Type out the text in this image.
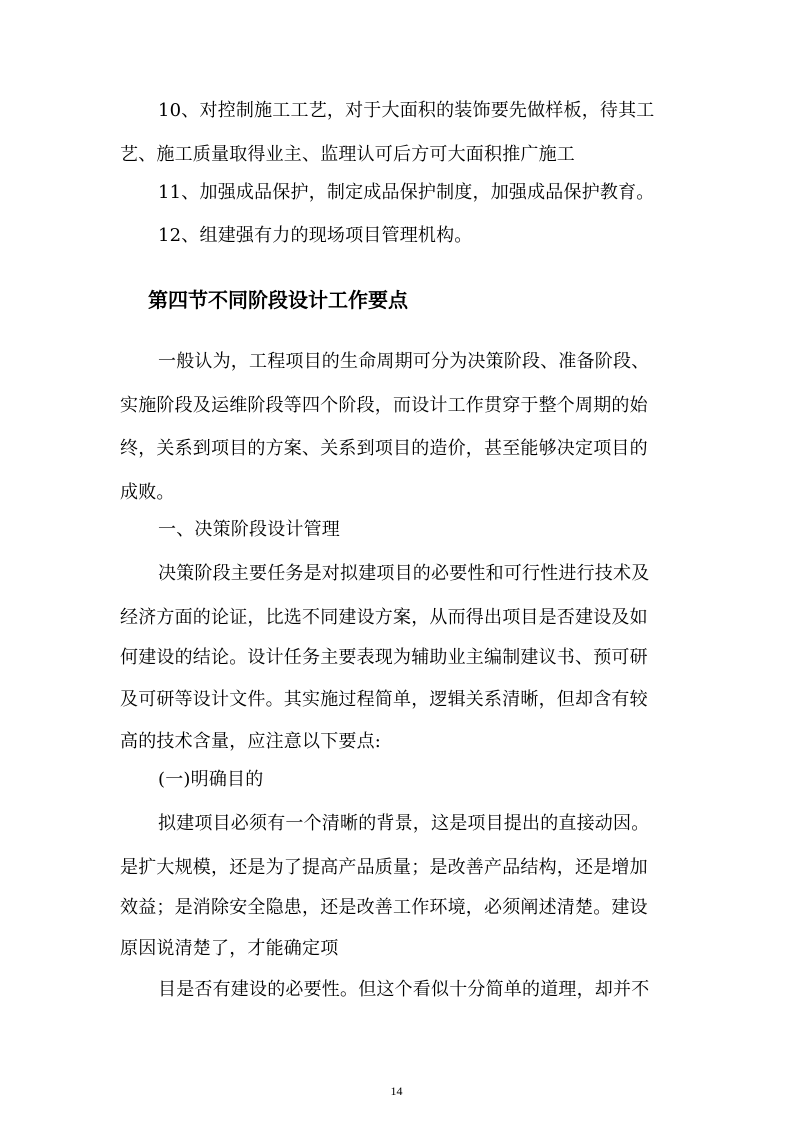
10、对控制施工工艺，对于大面积的装饰要先做样板，待其工
艺、施工质量取得业主、监理认可后方可大面积推广施工
11、加强成品保护，制定成品保护制度，加强成品保护教育。
12、组建强有力的现场项目管理机构。
第四节不同阶段设计工作要点
一般认为，工程项目的生命周期可分为决策阶段、准备阶段、
实施阶段及运维阶段等四个阶段，而设计工作贯穿于整个周期的始
终，关系到项目的方案、关系到项目的造价，甚至能够决定项目的
成败。
一、决策阶段设计管理
决策阶段主要任务是对拟建项目的必要性和可行性进行技术及
经济方面的论证，比选不同建设方案，从而得出项目是否建设及如
何建设的结论。设计任务主要表现为辅助业主编制建议书、预可研
及可研等设计文件。其实施过程简单，逻辑关系清晰，但却含有较
高的技术含量，应注意以下要点:
(一)明确目的
拟建项目必须有一个清晰的背景，这是项目提出的直接动因。
是扩大规模，还是为了提高产品质量；是改善产品结构，还是增加
效益；是消除安全隐患，还是改善工作环境，必须阐述清楚。建设
原因说清楚了，才能确定项
目是否有建设的必要性。但这个看似十分简单的道理，却并不
14
